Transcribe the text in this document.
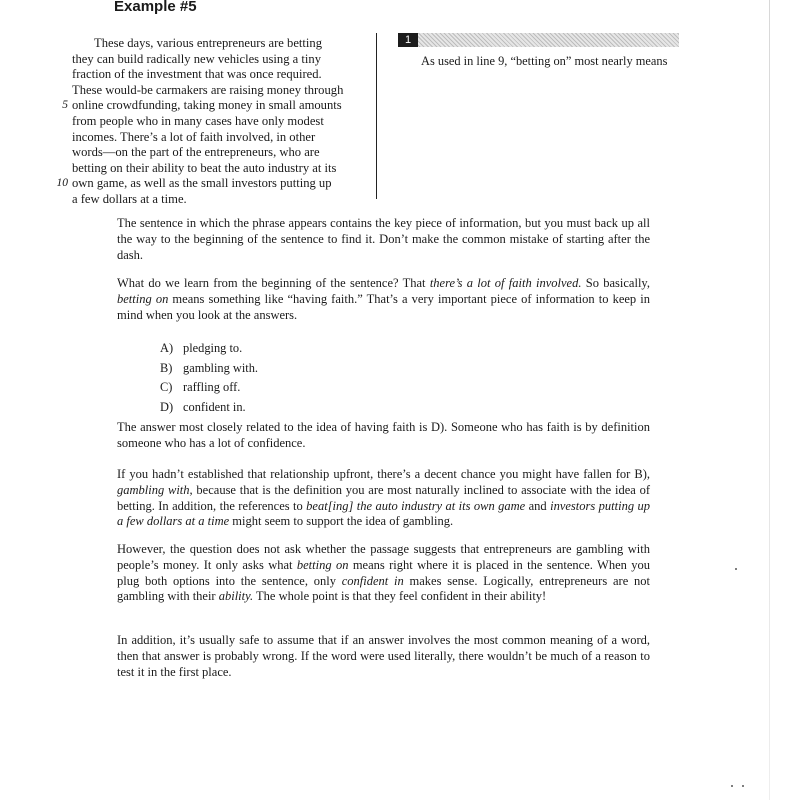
Example #5
These days, various entrepreneurs are betting
they can build radically new vehicles using a tiny
fraction of the investment that was once required.
These would-be carmakers are raising money through
5 online crowdfunding, taking money in small amounts
from people who in many cases have only modest
incomes. There’s a lot of faith involved, in other
words—on the part of the entrepreneurs, who are
betting on their ability to beat the auto industry at its
10 own game, as well as the small investors putting up
a few dollars at a time.
1
As used in line 9, “betting on” most nearly means
The sentence in which the phrase appears contains the key piece of information, but you must back up all the way to the beginning of the sentence to find it. Don’t make the common mistake of starting after the dash.
What do we learn from the beginning of the sentence? That there’s a lot of faith involved. So basically, betting on means something like “having faith.” That’s a very important piece of information to keep in mind when you look at the answers.
A) pledging to.
B) gambling with.
C) raffling off.
D) confident in.
The answer most closely related to the idea of having faith is D). Someone who has faith is by definition someone who has a lot of confidence.
If you hadn’t established that relationship upfront, there’s a decent chance you might have fallen for B), gambling with, because that is the definition you are most naturally inclined to associate with the idea of betting. In addition, the references to beat[ing] the auto industry at its own game and investors putting up a few dollars at a time might seem to support the idea of gambling.
However, the question does not ask whether the passage suggests that entrepreneurs are gambling with people’s money. It only asks what betting on means right where it is placed in the sentence. When you plug both options into the sentence, only confident in makes sense. Logically, entrepreneurs are not gambling with their ability. The whole point is that they feel confident in their ability!
In addition, it’s usually safe to assume that if an answer involves the most common meaning of a word, then that answer is probably wrong. If the word were used literally, there wouldn’t be much of a reason to test it in the first place.
